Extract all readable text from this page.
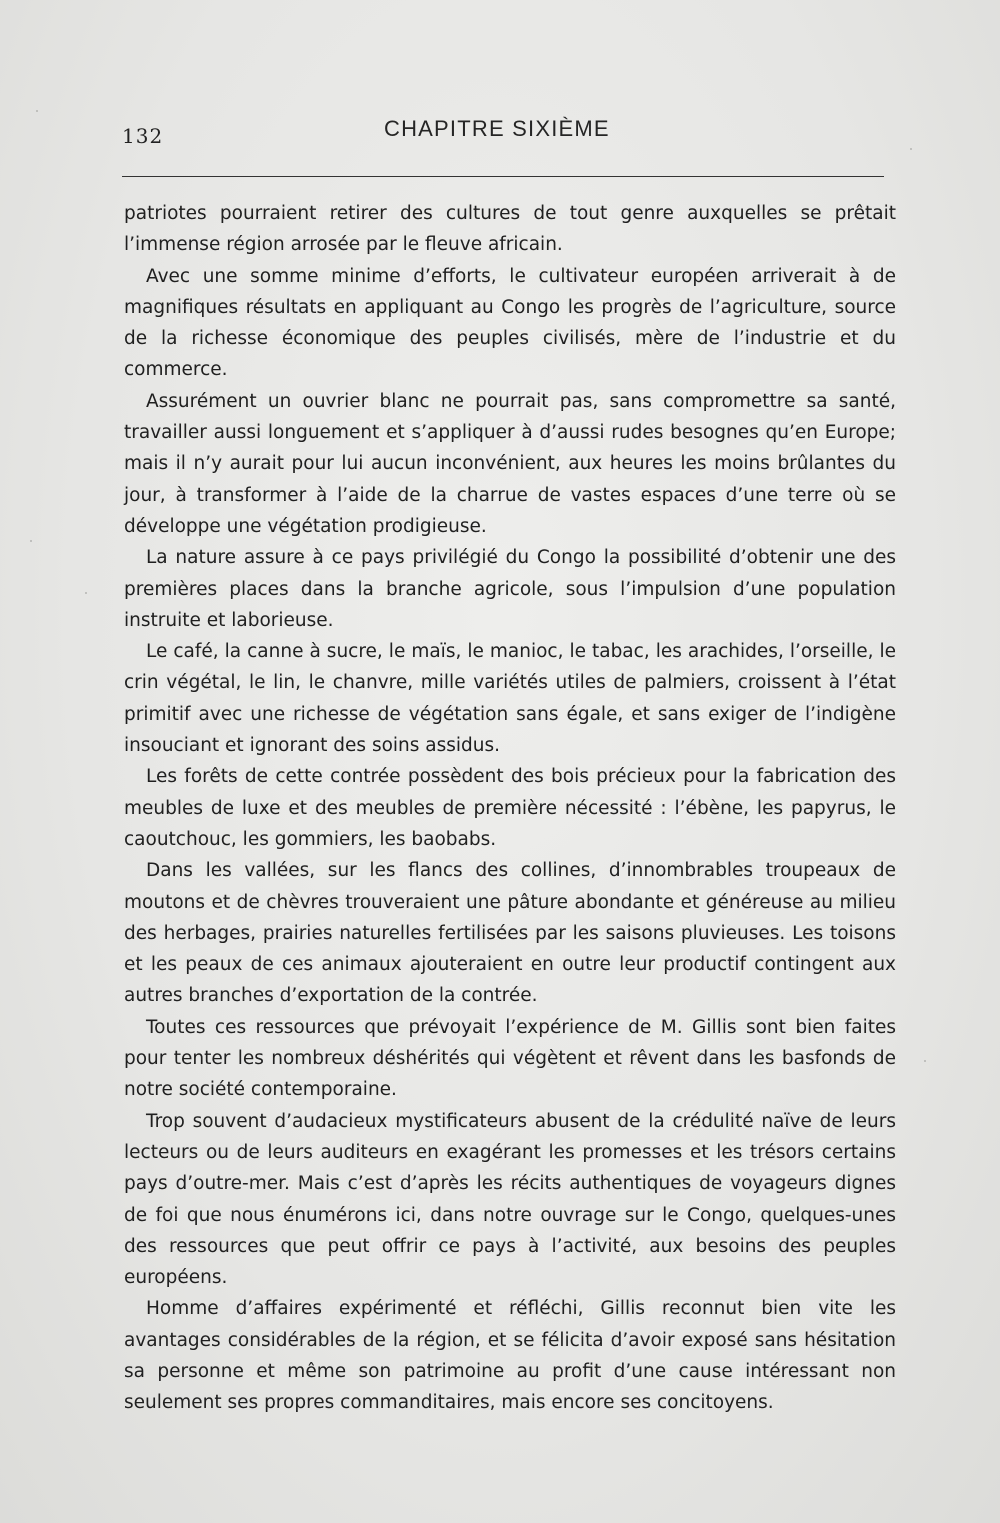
132	CHAPITRE SIXIÈME

patriotes pourraient retirer des cultures de tout genre auxquelles se prêtait l’immense région arrosée par le fleuve africain.

Avec une somme minime d’efforts, le cultivateur européen arriverait à de magnifiques résultats en appliquant au Congo les progrès de l’agriculture, source de la richesse économique des peuples civilisés, mère de l’industrie et du commerce.

Assurément un ouvrier blanc ne pourrait pas, sans compromettre sa santé, travailler aussi longuement et s’appliquer à d’aussi rudes besognes qu’en Europe; mais il n’y aurait pour lui aucun inconvénient, aux heures les moins brûlantes du jour, à transformer à l’aide de la charrue de vastes espaces d’une terre où se développe une végétation prodigieuse.

La nature assure à ce pays privilégié du Congo la possibilité d’obtenir une des premières places dans la branche agricole, sous l’impulsion d’une population instruite et laborieuse.

Le café, la canne à sucre, le maïs, le manioc, le tabac, les arachides, l’orseille, le crin végétal, le lin, le chanvre, mille variétés utiles de palmiers, croissent à l’état primitif avec une richesse de végétation sans égale, et sans exiger de l’indigène insouciant et ignorant des soins assidus.

Les forêts de cette contrée possèdent des bois précieux pour la fabrication des meubles de luxe et des meubles de première nécessité : l’ébène, les papyrus, le caoutchouc, les gommiers, les baobabs.

Dans les vallées, sur les flancs des collines, d’innombrables troupeaux de moutons et de chèvres trouveraient une pâture abondante et généreuse au milieu des herbages, prairies naturelles fertilisées par les saisons pluvieuses. Les toisons et les peaux de ces animaux ajouteraient en outre leur productif contingent aux autres branches d’exportation de la contrée.

Toutes ces ressources que prévoyait l’expérience de M. Gillis sont bien faites pour tenter les nombreux déshérités qui végètent et rêvent dans les basfonds de notre société contemporaine.

Trop souvent d’audacieux mystificateurs abusent de la crédulité naïve de leurs lecteurs ou de leurs auditeurs en exagérant les promesses et les trésors certains pays d’outre-mer. Mais c’est d’après les récits authentiques de voyageurs dignes de foi que nous énumérons ici, dans notre ouvrage sur le Congo, quelques-unes des ressources que peut offrir ce pays à l’activité, aux besoins des peuples européens.

Homme d’affaires expérimenté et réfléchi, Gillis reconnut bien vite les avantages considérables de la région, et se félicita d’avoir exposé sans hésitation sa personne et même son patrimoine au profit d’une cause intéressant non seulement ses propres commanditaires, mais encore ses concitoyens.
